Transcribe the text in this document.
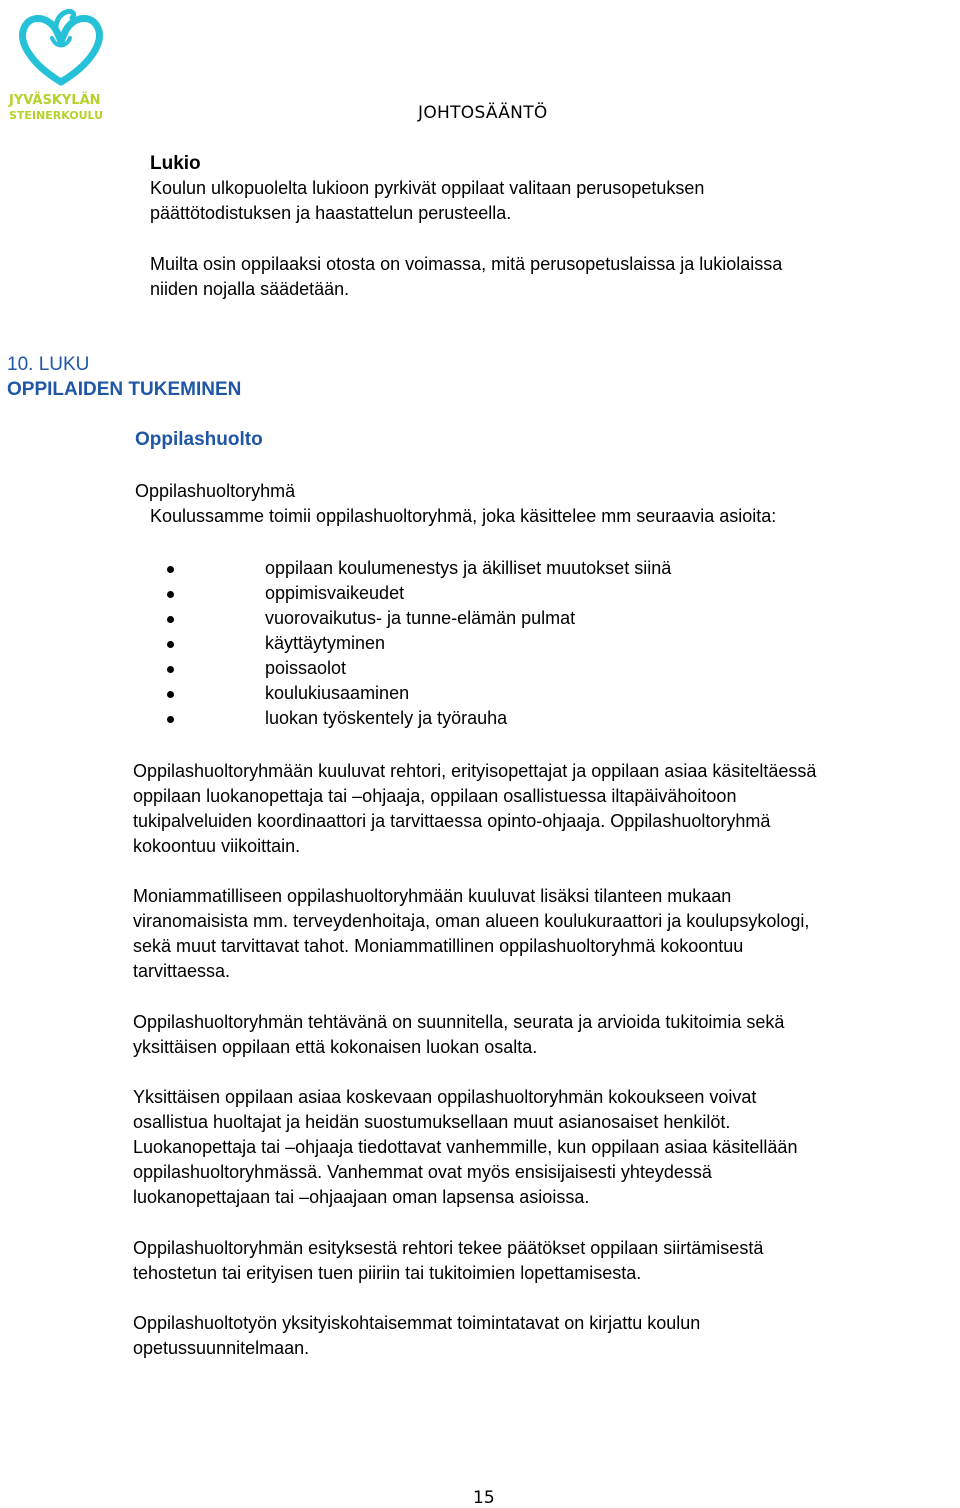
JYVÄSKYLÄN
STEINERKOULU	JOHTOSÄÄNTÖ
Lukio
Koulun ulkopuolelta lukioon pyrkivät oppilaat valitaan perusopetuksen
päättötodistuksen ja haastattelun perusteella.
Muilta osin oppilaaksi otosta on voimassa, mitä perusopetuslaissa ja lukiolaissa
niiden nojalla säädetään.
10. LUKU
OPPILAIDEN TUKEMINEN
Oppilashuolto
Oppilashuoltoryhmä
Koulussamme toimii oppilashuoltoryhmä, joka käsittelee mm seuraavia asioita:
oppilaan koulumenestys ja äkilliset muutokset siinä
oppimisvaikeudet
vuorovaikutus- ja tunne-elämän pulmat
käyttäytyminen
poissaolot
koulukiusaaminen
luokan työskentely ja työrauha
Oppilashuoltoryhmään kuuluvat rehtori, erityisopettajat ja oppilaan asiaa käsiteltäessä
oppilaan luokanopettaja tai –ohjaaja, oppilaan osallistuessa iltapäivähoitoon
tukipalveluiden koordinaattori ja tarvittaessa opinto-ohjaaja. Oppilashuoltoryhmä
kokoontuu viikoittain.
Moniammatilliseen oppilashuoltoryhmään kuuluvat lisäksi tilanteen mukaan
viranomaisista mm. terveydenhoitaja, oman alueen koulukuraattori ja koulupsykologi,
sekä muut tarvittavat tahot. Moniammatillinen oppilashuoltoryhmä kokoontuu
tarvittaessa.
Oppilashuoltoryhmän tehtävänä on suunnitella, seurata ja arvioida tukitoimia sekä
yksittäisen oppilaan että kokonaisen luokan osalta.
Yksittäisen oppilaan asiaa koskevaan oppilashuoltoryhmän kokoukseen voivat
osallistua huoltajat ja heidän suostumuksellaan muut asianosaiset henkilöt.
Luokanopettaja tai –ohjaaja tiedottavat vanhemmille, kun oppilaan asiaa käsitellään
oppilashuoltoryhmässä. Vanhemmat ovat myös ensisijaisesti yhteydessä
luokanopettajaan tai –ohjaajaan oman lapsensa asioissa.
Oppilashuoltoryhmän esityksestä rehtori tekee päätökset oppilaan siirtämisestä
tehostetun tai erityisen tuen piiriin tai tukitoimien lopettamisesta.
Oppilashuoltotyön yksityiskohtaisemmat toimintatavat on kirjattu koulun
opetussuunnitelmaan.
15
